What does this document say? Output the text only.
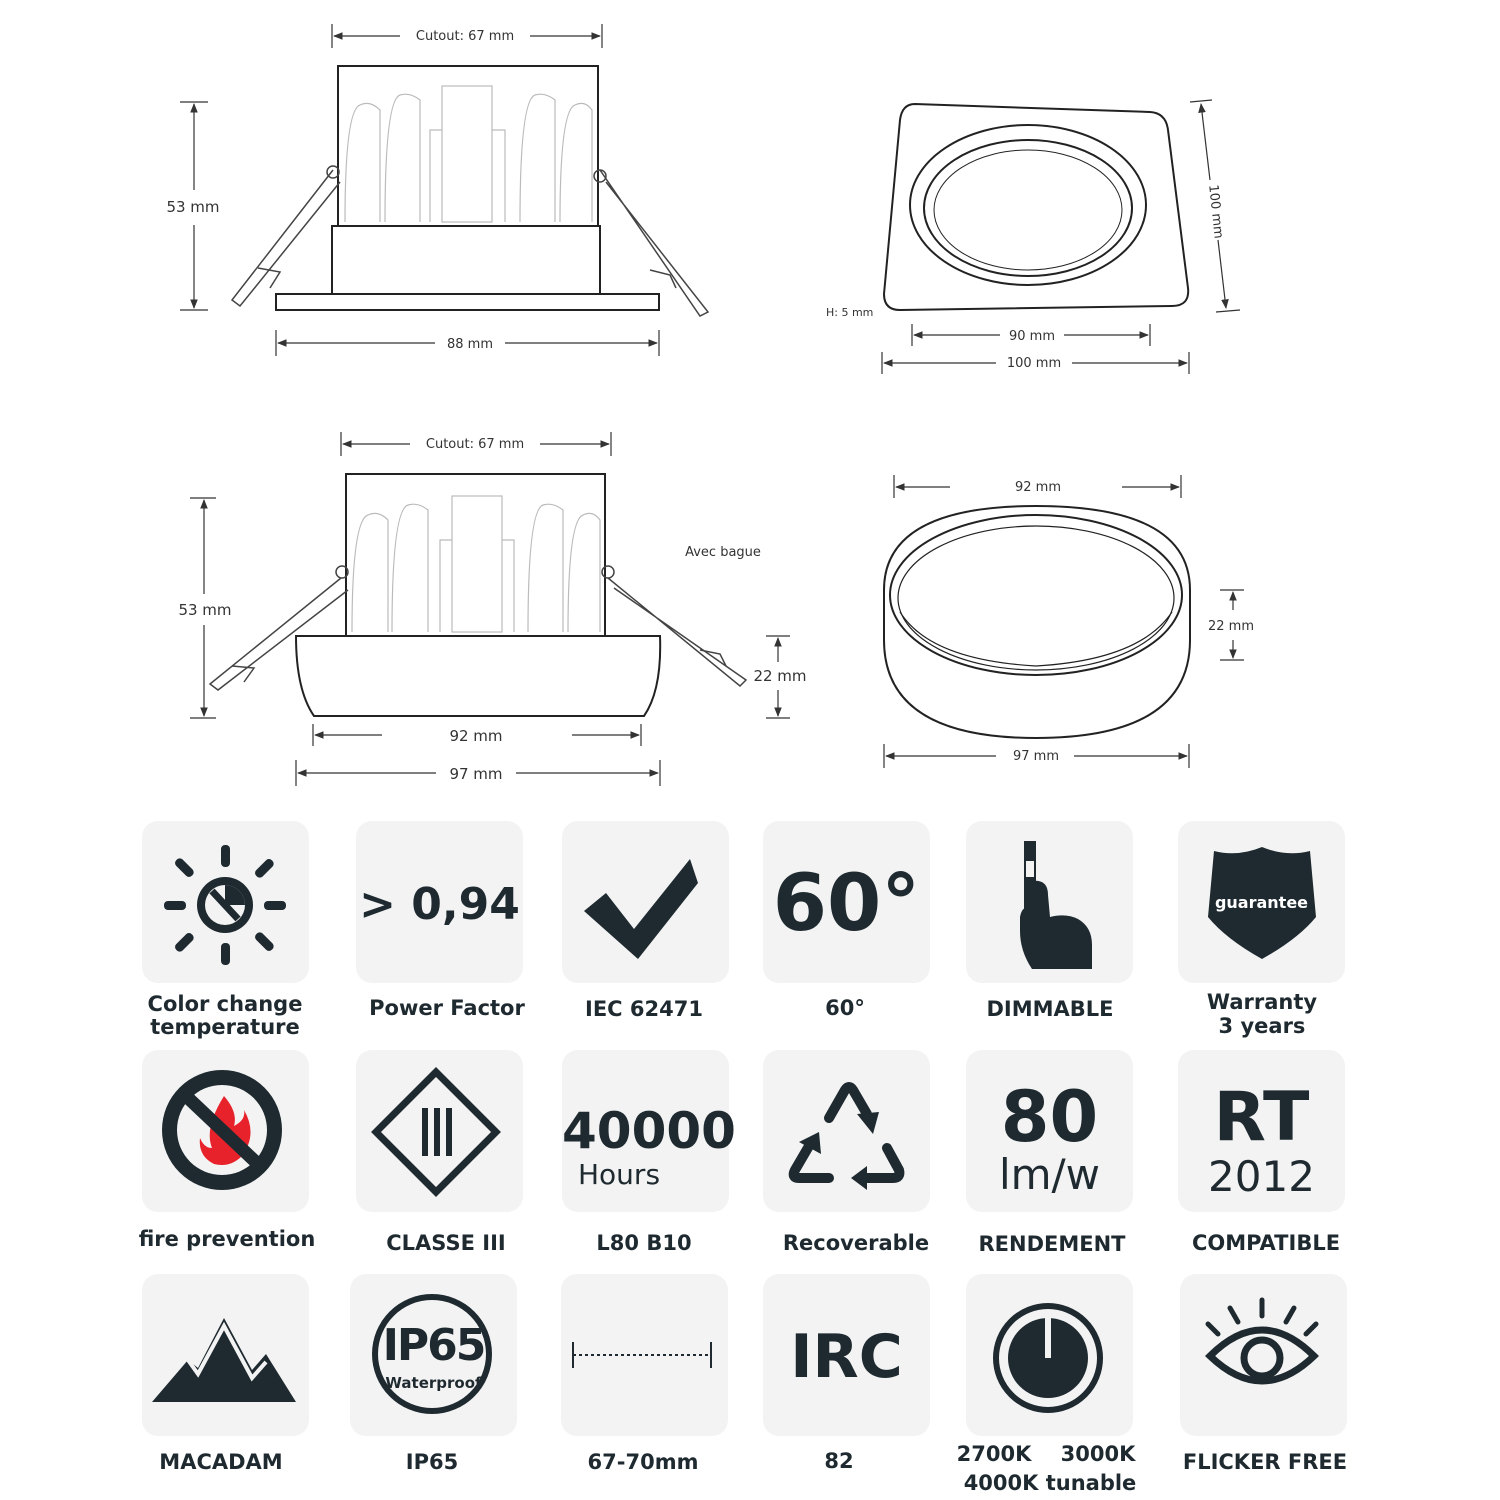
Cutout: 67 mm
53 mm
88 mm
100 mm
H: 5 mm
90 mm
100 mm
Cutout: 67 mm
53 mm
22 mm
92 mm
97 mm
Avec bague
92 mm
22 mm
97 mm
> 0,94	60°	guarantee
Color change
temperature
Power Factor	IEC 62471	60°	DIMMABLE	Warranty
3 years
40000
Hours
80
lm/w
RT
2012
fire prevention	CLASSE III	L80 B10	Recoverable	RENDEMENT	COMPATIBLE
IP65
Waterproof	IRC
MACADAM	IP65	67-70mm	82	2700K    3000K
4000K tunable
FLICKER FREE
